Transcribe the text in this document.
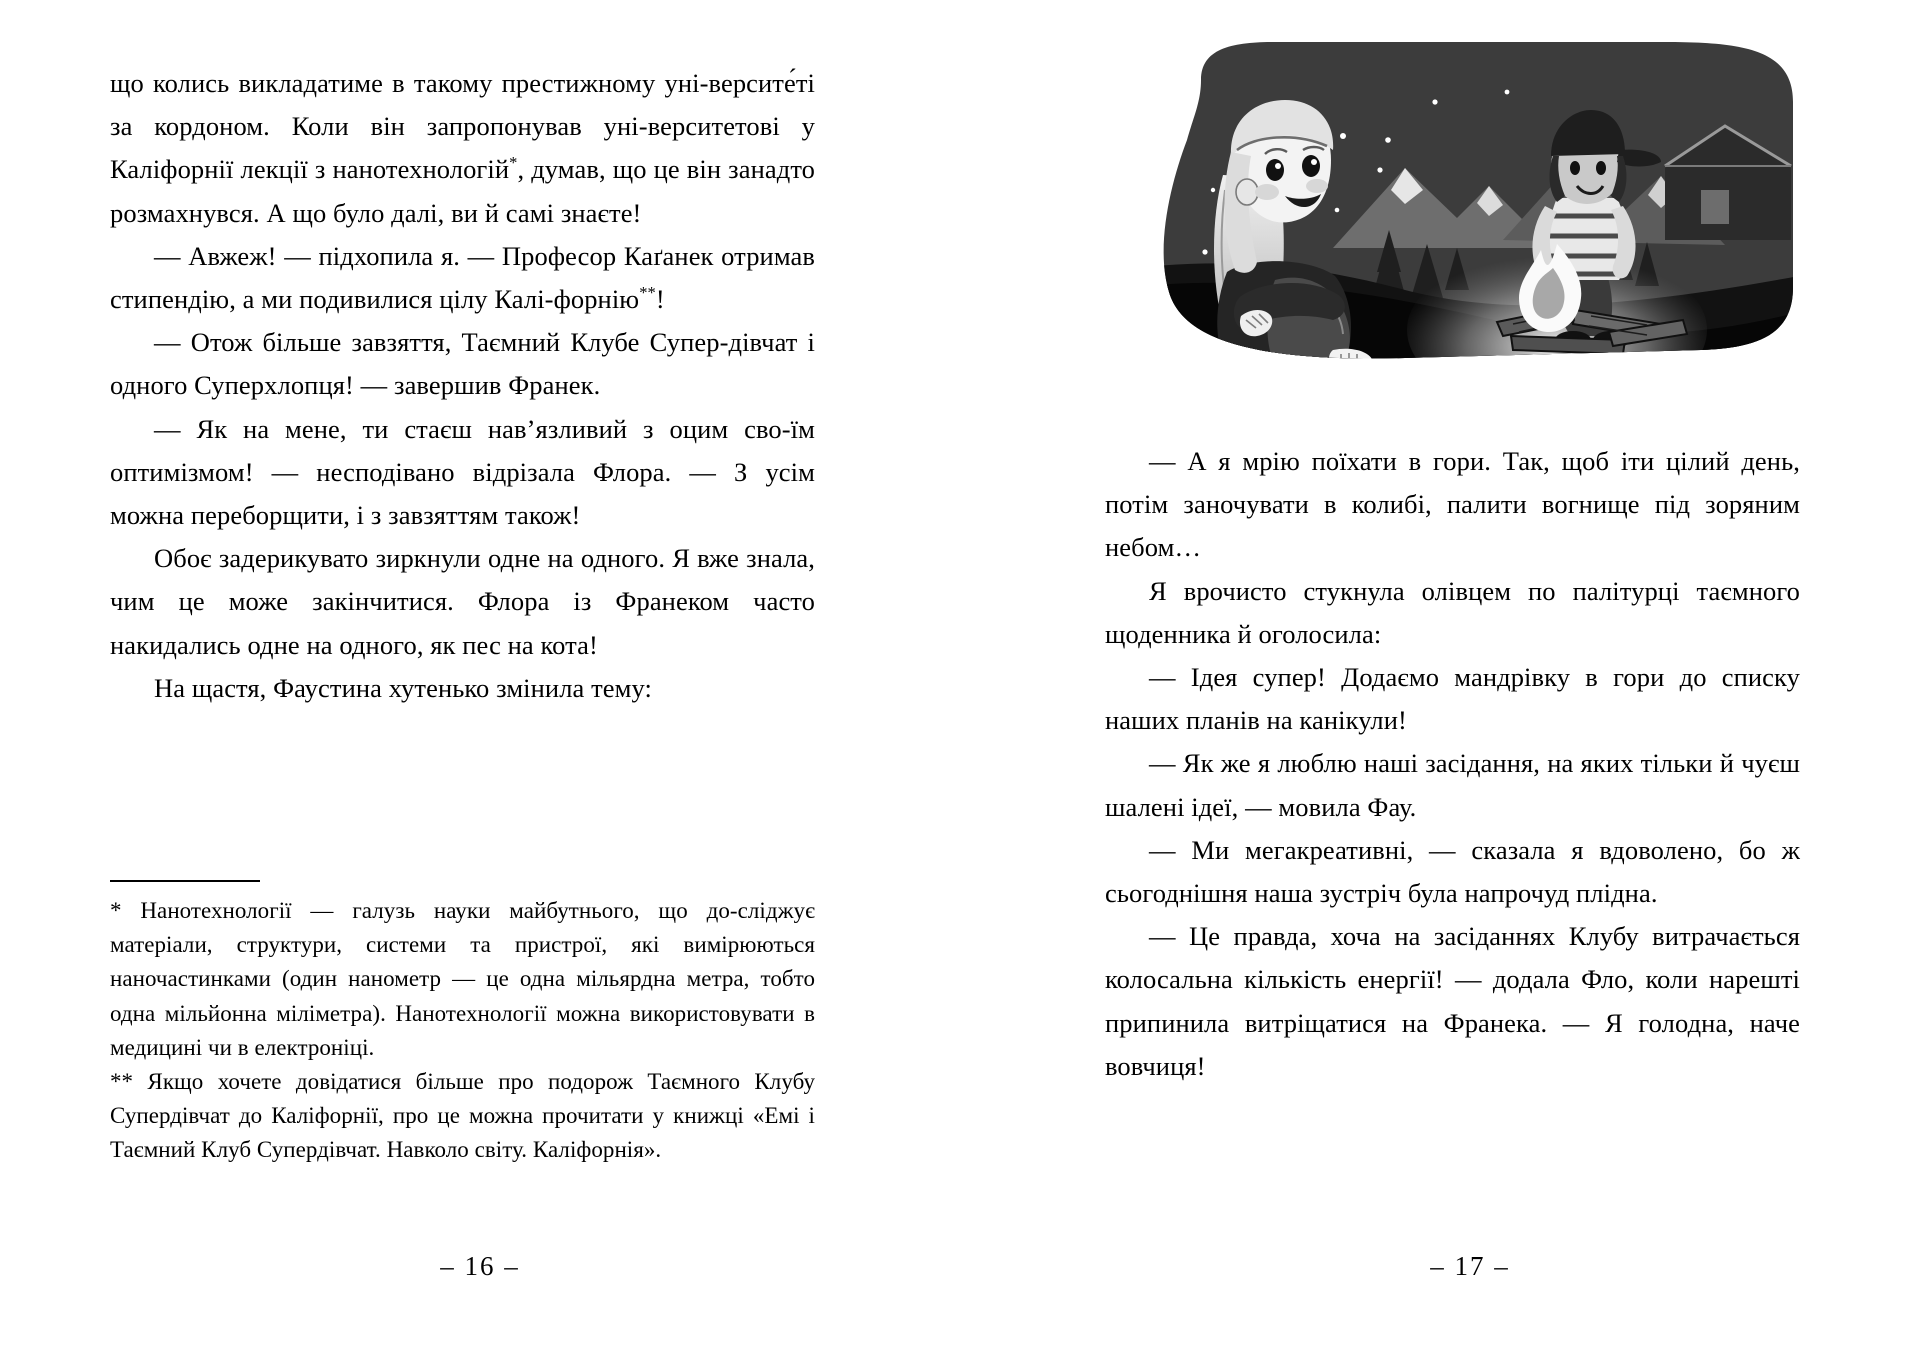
що колись викладатиме в такому престижному уні-версите́ті за кордоном. Коли він запропонував уні-верситетові у Каліфорнії лекції з нанотехнологій*, думав, що це він занадто розмахнувся. А що було далі, ви й самі знаєте!

— Авжеж! — підхопила я. — Професор Каґанек отримав стипендію, а ми подивилися цілу Калі-форнію**!

— Отож більше завзяття, Таємний Клубе Супер-дівчат і одного Суперхлопця! — завершив Франек.

— Як на мене, ти стаєш нав’язливий з оцим сво-їм оптимізмом! — несподівано відрізала Флора. — З усім можна переборщити, і з завзяттям також!

Обоє задерикувато зиркнули одне на одного. Я вже знала, чим це може закінчитися. Флора із Франеком часто накидались одне на одного, як пес на кота!

На щастя, Фаустина хутенько змінила тему:

* Нанотехнології — галузь науки майбутнього, що до-сліджує матеріали, структури, системи та пристрої, які вимірюються наночастинками (один нанометр — це одна мільярдна метра, тобто одна мільйонна міліметра). Нанотехнології можна використовувати в медицині чи в електроніці.

** Якщо хочете довідатися більше про подорож Таємного Клубу Супердівчат до Каліфорнії, про це можна прочитати у книжці «Емі і Таємний Клуб Супердівчат. Навколо світу. Каліфорнія».

– 16 –

— А я мрію поїхати в гори. Так, щоб іти цілий день, потім заночувати в колибі, палити вогнище під зоряним небом…

Я врочисто стукнула олівцем по палітурці таємного щоденника й оголосила:

— Ідея супер! Додаємо мандрівку в гори до списку наших планів на канікули!

— Як же я люблю наші засідання, на яких тільки й чуєш шалені ідеї, — мовила Фау.

— Ми мегакреативні, — сказала я вдоволено, бо ж сьогоднішня наша зустріч була напрочуд плідна.

— Це правда, хоча на засіданнях Клубу витрачається колосальна кількість енергії! — додала Фло, коли нарешті припинила витріщатися на Франека. — Я голодна, наче вовчиця!

– 17 –
